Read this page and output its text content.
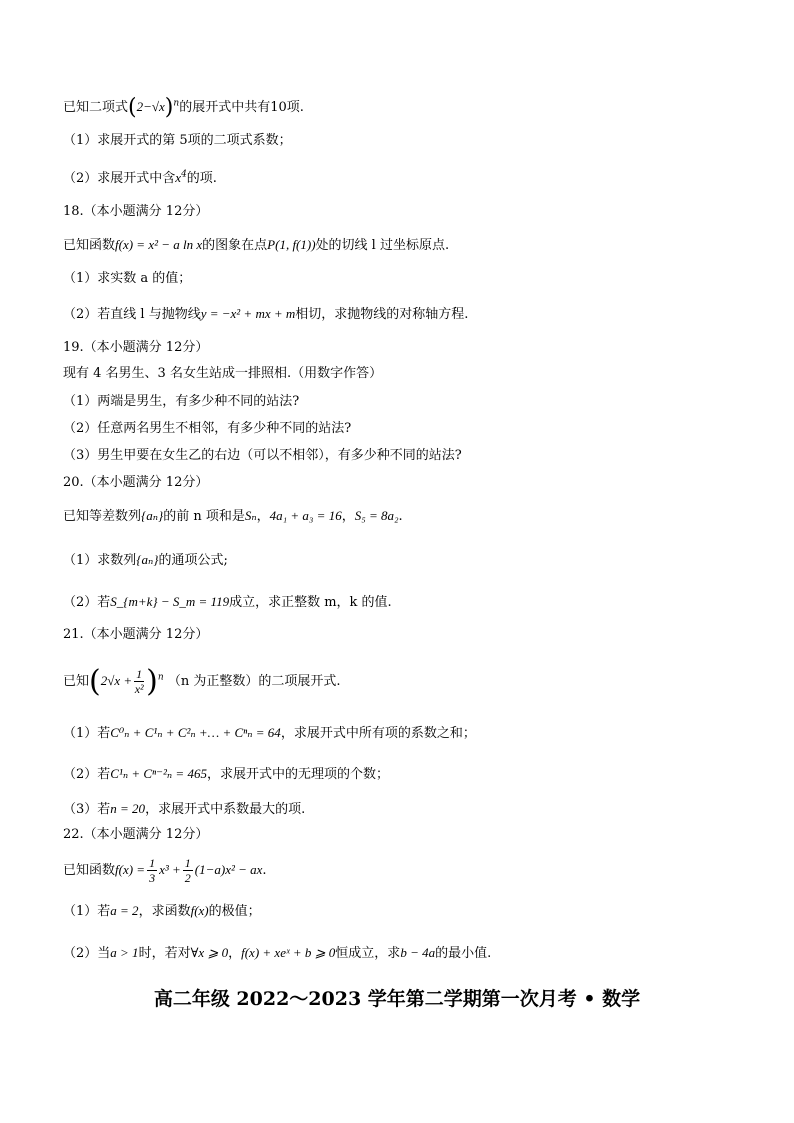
已知二项式$(2-√x)^n$的展开式中共有10项.
（1）求展开式的第 5项的二项式系数；
（2）求展开式中含$x^4$的项.
18.（本小题满分 12分）
已知函数f(x) = x² − a ln x的图象在点P(1, f(1))处的切线 l 过坐标原点.
（1）求实数 a 的值；
（2）若直线 l 与抛物线y = −x² + mx + m相切，求抛物线的对称轴方程.
19.（本小题满分 12分）
现有 4 名男生、3 名女生站成一排照相.（用数字作答）
（1）两端是男生，有多少种不同的站法?
（2）任意两名男生不相邻，有多少种不同的站法?
（3）男生甲要在女生乙的右边（可以不相邻），有多少种不同的站法?
20.（本小题满分 12分）
已知等差数列{aₙ}的前 n 项和是Sₙ，4a₁ + a₃ = 16，S₅ = 8a₂.
（1）求数列{aₙ}的通项公式;
（2）若S_{m+k} − S_m = 119成立，求正整数 m，k 的值.
21.（本小题满分 12分）
已知$(2√x + \frac{1}{\text{x²}} )^n$ （n 为正整数）的二项展开式.
（1）若C⁰ₙ + C¹ₙ + C²ₙ +… + Cⁿₙ = 64，求展开式中所有项的系数之和；
（2）若C¹ₙ + Cⁿ⁻²ₙ = 465，求展开式中的无理项的个数；
（3）若n = 20，求展开式中系数最大的项.
22.（本小题满分 12分）
已知函数$f(x) = \frac{1}{3} x^3 + \frac{1}{2} (1-a)x^2$ − ax.
（1）若a = 2，求函数f(x)的极值；
（2）当a > 1时，若对∀x ⩾ 0，f(x) + xeˣ + b ⩾ 0恒成立，求b − 4a的最小值.
高二年级 2022～2023 学年第二学期第一次月考 • 数学
